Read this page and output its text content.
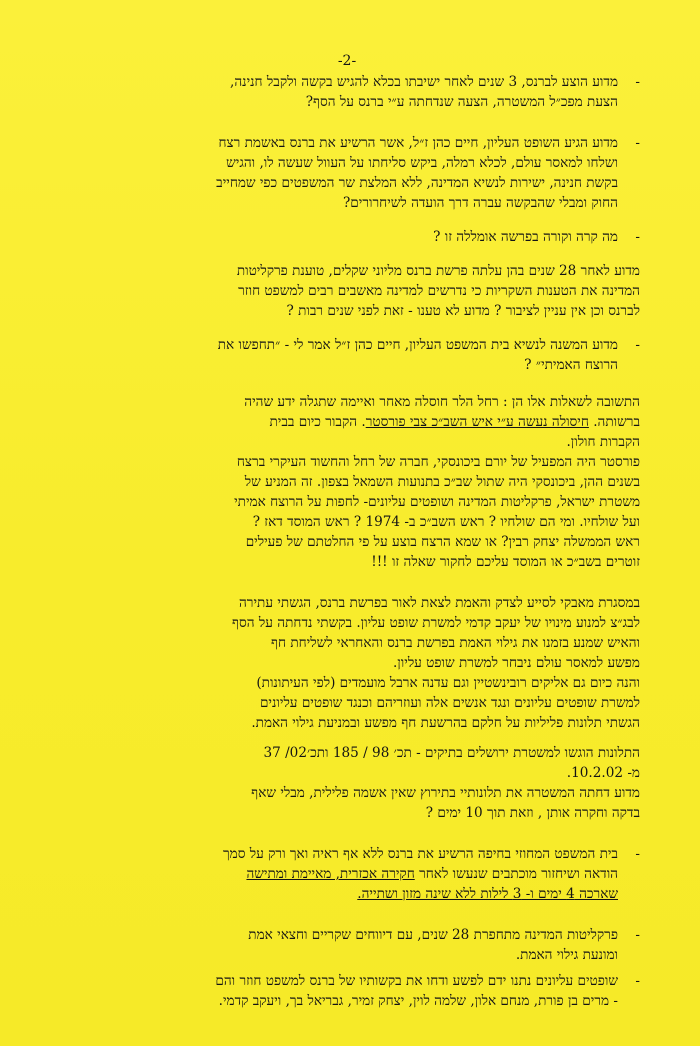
-2-

- מדוע הוצע לברנס, 3 שנים לאחר ישיבתו בכלא להגיש בקשה ולקבל חנינה,

הצעת מפכ״ל המשטרה, הצעה שנדחתה ע״י ברנס על הסף?

- מדוע הגיע השופט העליון, חיים כהן ז״ל, אשר הרשיע את ברנס באשמת רצח

ושלחו למאסר עולם, לכלא רמלה, ביקש סליחתו על העוול שעשה לו, והגיש

בקשת חנינה, ישירות לנשיא המדינה, ללא המלצת שר המשפטים כפי שמחייב

החוק ומבלי שהבקשה עברה דרך הועדה לשיחרורים?

- מה קרה וקורה בפרשה אומללה זו ?

מדוע לאחר 28 שנים בהן עלתה פרשת ברנס מליוני שקלים, טוענת פרקליטות

המדינה את הטענות השקריות כי נדרשים למדינה מאשבים רבים למשפט חוזר

לברנס וכן אין עניין לציבור ? מדוע לא טענו - זאת לפני שנים רבות ?

- מדוע המשנה לנשיא בית המשפט העליון, חיים כהן ז״ל אמר לי - ״תחפשו את

הרוצח האמיתי״ ?

התשובה לשאלות אלו הן : רחל הלר חוסלה מאחר ואיימה שתגלה ידע שהיה

ברשותה. חיסולה נעשה ע״י איש השב״כ צבי פורסטר. הקבור כיום בבית

הקברות חולון.

פורסטר היה המפעיל של יורם ביכונסקי, חברה של רחל והחשוד העיקרי ברצח

בשנים ההן, ביכונסקי היה שתול שב״כ בתנועות השמאל בצפון. זה המניע של

משטרת ישראל, פרקליטות המדינה ושופטים עליונים- לחפות על הרוצח אמיתי

ועל שולחיו. ומי הם שולחיו ? ראש השב״כ ב- 1974 ? ראש המוסד דאז ?

ראש הממשלה יצחק רבין? או שמא הרצח בוצע על פי החלטתם של פעילים

זוטרים בשב״כ או המוסד עליכם לחקור שאלה זו !!!

במסגרת מאבקי לסייע לצדק והאמת לצאת לאור בפרשת ברנס, הגשתי עתירה

לבג״צ למנוע מינויו של יעקב קדמי למשרת שופט עליון. בקשתי נדחתה על הסף

והאיש שמנע בזמנו את גילוי האמת בפרשת ברנס והאחראי לשליחת חף

מפשע למאסר עולם ניבחר למשרת שופט עליון.

והנה כיום גם אליקים רובינשטיין וגם עדנה ארבל מועמדים (לפי העיתונות)

למשרת שופטים עליונים ונגד אנשים אלה ועוזריהם וכנגד שופטים עליונים

הגשתי תלונות פליליות על חלקם בהרשעת חף מפשע ובמניעת גילוי האמת.

התלונות הוגשו למשטרת ירושלים בתיקים - תכ׳ 98 / 185 ותכ׳02/ 37

מ- 10.2.02.

מדוע דחתה המשטרה את תלונותיי בתירוץ שאין אשמה פלילית, מבלי שאף

בדקה וחקרה אותן , וזאת תוך 10 ימים ?

- בית המשפט המחוזי בחיפה הרשיע את ברנס ללא אף ראיה ואך ורק על סמך

הודאה ושיחזור מוכתבים שנעשו לאחר חקירה אכזרית, מאיימת ומתישה

שארכה 4 ימים ו- 3 לילות ללא שינה מזון ושתייה.

- פרקליטות המדינה מתחפרת 28 שנים, עם דיווחים שקריים וחצאי אמת

ומונעת גילוי האמת.

- שופטים עליונים נתנו ידם לפשע ודחו את בקשותיו של ברנס למשפט חוזר והם

- מרים בן פורת, מנחם אלון, שלמה לוין, יצחק זמיר, גבריאל בך, ויעקב קדמי.
